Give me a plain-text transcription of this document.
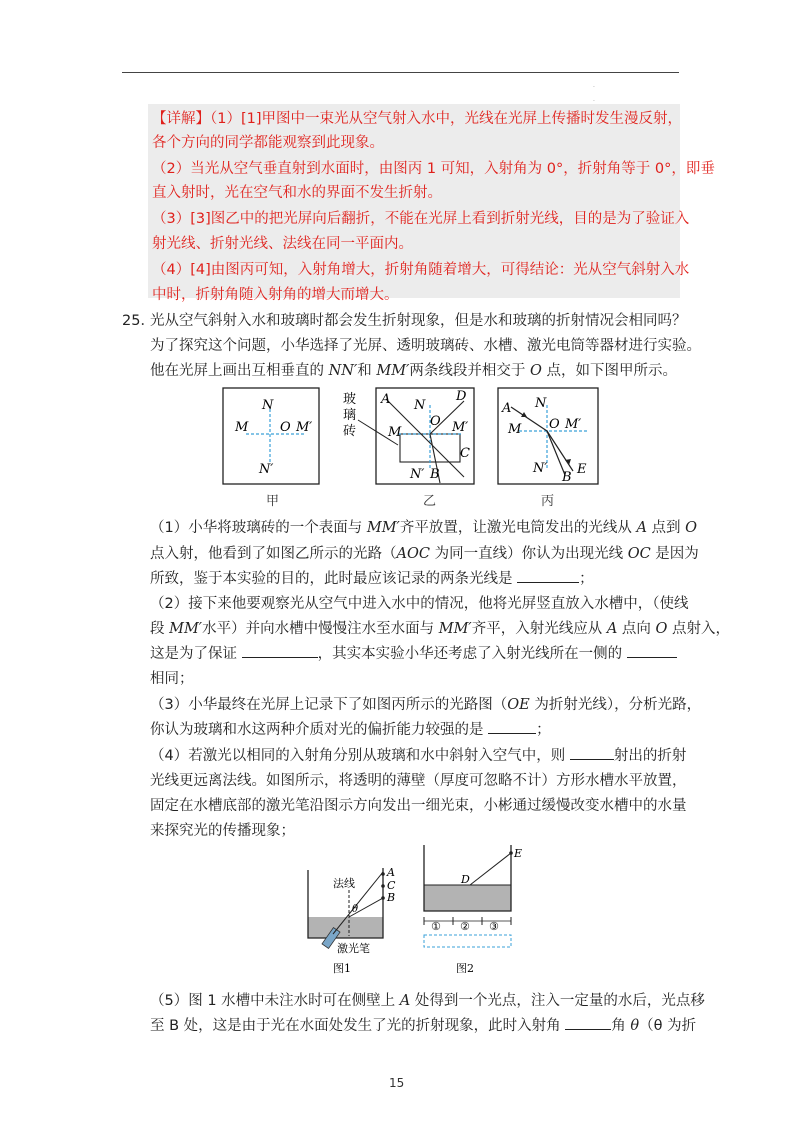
.
.
【详解】（1）[1]甲图中一束光从空气射入水中，光线在光屏上传播时发生漫反射，
各个方向的同学都能观察到此现象。
（2）当光从空气垂直射到水面时，由图丙 1 可知，入射角为 0°，折射角等于 0°，即垂
直入射时，光在空气和水的界面不发生折射。
（3）[3]图乙中的把光屏向后翻折，不能在光屏上看到折射光线，目的是为了验证入
射光线、折射光线、法线在同一平面内。
（4）[4]由图丙可知，入射角增大，折射角随着增大，可得结论：光从空气斜射入水
中时，折射角随入射角的增大而增大。
25．
光从空气斜射入水和玻璃时都会发生折射现象，但是水和玻璃的折射情况会相同吗？
为了探究这个问题，小华选择了光屏、透明玻璃砖、水槽、激光电筒等器材进行实验。
他在光屏上画出互相垂直的 NN′和 MM′两条线段并相交于 O 点，如下图甲所示。
N
M O M′
N′
甲
玻
璃
砖
A	D
N
O M′
M
C
N′ B
乙
A N
M O M′
N′
B
E
丙
（1）小华将玻璃砖的一个表面与 MM′齐平放置，让激光电筒发出的光线从 A 点到 O
点入射，他看到了如图乙所示的光路（AOC 为同一直线）你认为出现光线 OC 是因为
所致，鉴于本实验的目的，此时最应该记录的两条光线是	；
（2）接下来他要观察光从空气中进入水中的情况，他将光屏竖直放入水槽中，（使线
段 MM′水平）并向水槽中慢慢注水至水面与 MM′齐平，入射光线应从 A 点向 O 点射入，
这是为了保证	，其实本实验小华还考虑了入射光线所在一侧的
相同；
（3）小华最终在光屏上记录下了如图丙所示的光路图（OE 为折射光线），分析光路，
你认为玻璃和水这两种介质对光的偏折能力较强的是	；
（4）若激光以相同的入射角分别从玻璃和水中斜射入空气中，则	射出的折射
光线更远离法线。如图所示，将透明的薄壁（厚度可忽略不计）方形水槽水平放置，
固定在水槽底部的激光笔沿图示方向发出一细光束，小彬通过缓慢改变水槽中的水量
来探究光的传播现象；
法线
A
C
B
θ
激光笔
图1
E
D
① ② ③
图2
（5）图 1 水槽中未注水时可在侧壁上 A 处得到一个光点，注入一定量的水后，光点移
至 B 处，这是由于光在水面处发生了光的折射现象，此时入射角	角 θ（θ 为折
15
